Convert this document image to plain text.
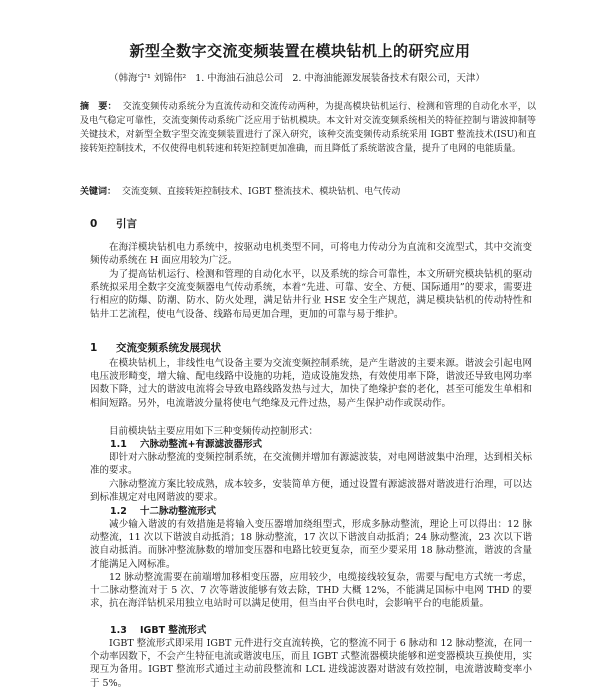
新型全数字交流变频装置在模块钻机上的研究应用
（韩海宁¹ 刘锦伟² 1. 中海油石油总公司 2. 中海油能源发展装备技术有限公司，天津）
摘　要： 交流变频传动系统分为直流传动和交流传动两种，为提高模块钻机运行、检测和管理的自动化水平，以及电气稳定可靠性，交流变频传动系统广泛应用于钻机模块。本文针对交流变频系统相关的特征控制与谐波抑制等关键技术，对新型全数字型交流变频装置进行了深入研究，该种交流变频传动系统采用 IGBT 整流技术(ISU)和直接转矩控制技术，不仅使得电机转速和转矩控制更加准确，而且降低了系统谐波含量，提升了电网的电能质量。
关键词： 交流变频、直接转矩控制技术、IGBT 整流技术、模块钻机、电气传动
0 引言
在海洋模块钻机电力系统中，按驱动电机类型不同，可将电力传动分为直流和交流型式，其中交流变频传动系统在 H 面应用较为广泛。
为了提高钻机运行、检测和管理的自动化水平，以及系统的综合可靠性，本文所研究模块钻机的驱动系统拟采用全数字交流变频器电气传动系统，本着“先进、可靠、安全、方便、国际通用”的要求，需要进行相应的防爆、防潮、防水、防火处理，满足钻井行业 HSE 安全生产规范，满足模块钻机的传动特性和钻井工艺流程，使电气设备、线路布局更加合理，更加的可靠与易于维护。
1 交流变频系统发展现状
在模块钻机上，非线性电气设备主要为交流变频控制系统，是产生谐波的主要来源。谐波会引起电网电压波形畸变，增大输、配电线路中设施的功耗，造成设施发热，有效使用率下降，谐波还导致电网功率因数下降，过大的谐波电流将会导致电路线路发热与过大，加快了绝缘护套的老化，甚至可能发生单相和相间短路。另外，电流谐波分量将使电气绝缘及元件过热，易产生保护动作或误动作。
目前模块钻主要应用如下三种变频传动控制形式：
1.1 六脉动整流+有源滤波器形式
即针对六脉动整流的变频控制系统，在交流侧并增加有源滤波装，对电网谐波集中治理，达到相关标准的要求。
六脉动整流方案比较成熟，成本较多，安装简单方便，通过设置有源滤波器对谐波进行治理，可以达到标准规定对电网谐波的要求。
1.2 十二脉动整流形式
减少输入谐波的有效措施是将输入变压器增加绕组型式，形成多脉动整流，理论上可以得出：12 脉动整流，11 次以下谐波自动抵消；18 脉动整流，17 次以下谐波自动抵消；24 脉动整流，23 次以下谐波自动抵消。而脉冲整流脉数的增加变压器和电路比较更复杂，而至少要采用 18 脉动整流，谐波的含量才能满足入网标准。
12 脉动整流需要在前端增加移相变压器，应用较少，电缆接线较复杂，需要与配电方式统一考虑，十二脉动整流对于 5 次、7 次等谐波能够有效去除，THD 大概 12%，不能满足国标中电网 THD 的要求，抗在海洋钻机采用独立电站时可以满足使用，但当由平台供电时，会影响平台的电能质量。
1.3 IGBT 整流形式
IGBT 整流形式即采用 IGBT 元件进行交直流转换，它的整流不同于 6 脉动和 12 脉动整流，在同一个动率因数下，不会产生特征电流或谐波电压，而且 IGBT 式整流器模块能够和逆变器模块互换使用，实现互为备用。IGBT 整流形式通过主动前段整流和 LCL 进线滤波器对谐波有效控制，电流谐波畸变率小于 5%。
